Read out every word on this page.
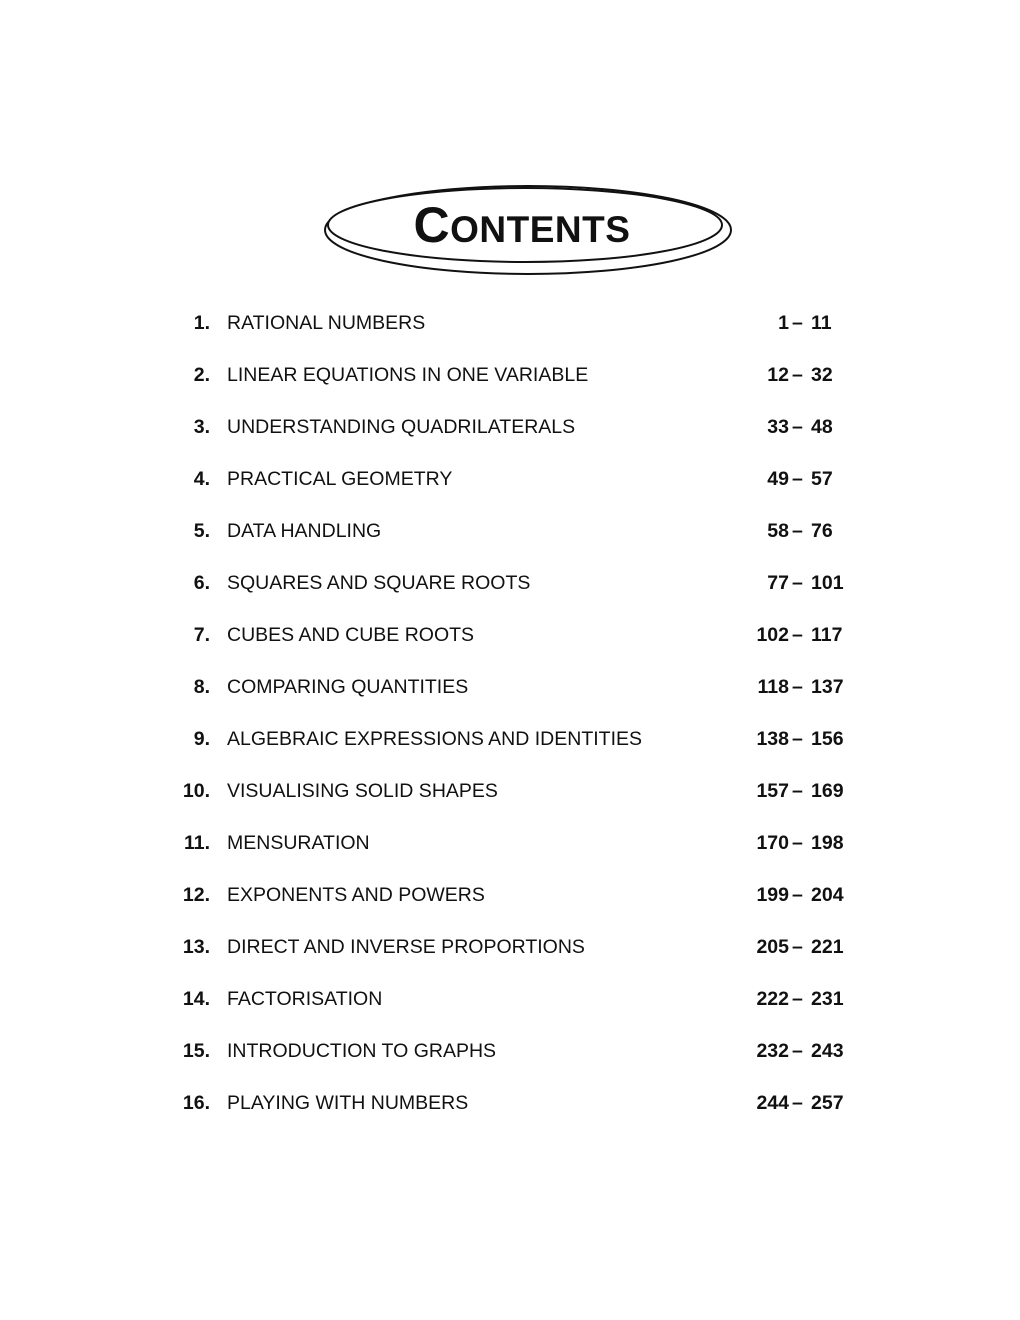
CONTENTS
1. RATIONAL NUMBERS	1 – 11
2. LINEAR EQUATIONS IN ONE VARIABLE	12 – 32
3. UNDERSTANDING QUADRILATERALS	33 – 48
4. PRACTICAL GEOMETRY	49 – 57
5. DATA HANDLING	58 – 76
6. SQUARES AND SQUARE ROOTS	77 – 101
7. CUBES AND CUBE ROOTS	102 – 117
8. COMPARING QUANTITIES	118 – 137
9. ALGEBRAIC EXPRESSIONS AND IDENTITIES	138 – 156
10. VISUALISING SOLID SHAPES	157 – 169
11. MENSURATION	170 – 198
12. EXPONENTS AND POWERS	199 – 204
13. DIRECT AND INVERSE PROPORTIONS	205 – 221
14. FACTORISATION	222 – 231
15. INTRODUCTION TO GRAPHS	232 – 243
16. PLAYING WITH NUMBERS	244 – 257
